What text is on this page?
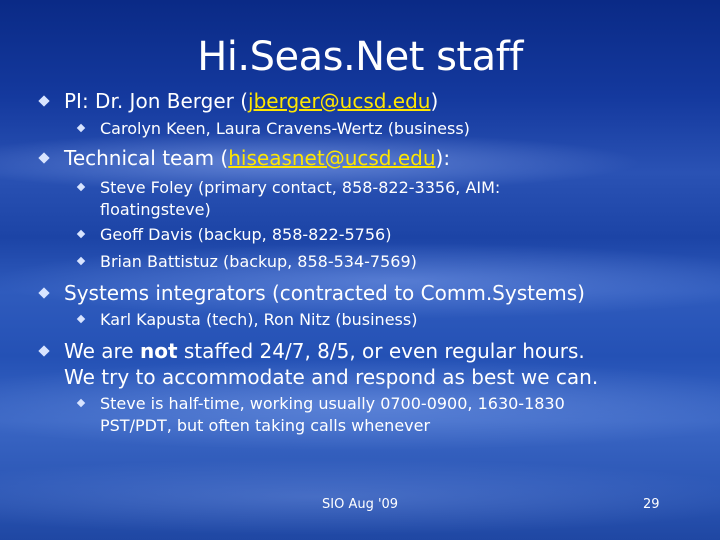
Hi.Seas.Net staff
PI: Dr. Jon Berger (jberger@ucsd.edu)
Carolyn Keen, Laura Cravens-Wertz (business)
Technical team (hiseasnet@ucsd.edu):
Steve Foley (primary contact, 858-822-3356, AIM:
floatingsteve)
Geoff Davis (backup, 858-822-5756)
Brian Battistuz (backup, 858-534-7569)
Systems integrators (contracted to Comm.Systems)
Karl Kapusta (tech), Ron Nitz (business)
We are not staffed 24/7, 8/5, or even regular hours.
We try to accommodate and respond as best we can.
Steve is half-time, working usually 0700-0900, 1630-1830
PST/PDT, but often taking calls whenever
SIO Aug '09	29
